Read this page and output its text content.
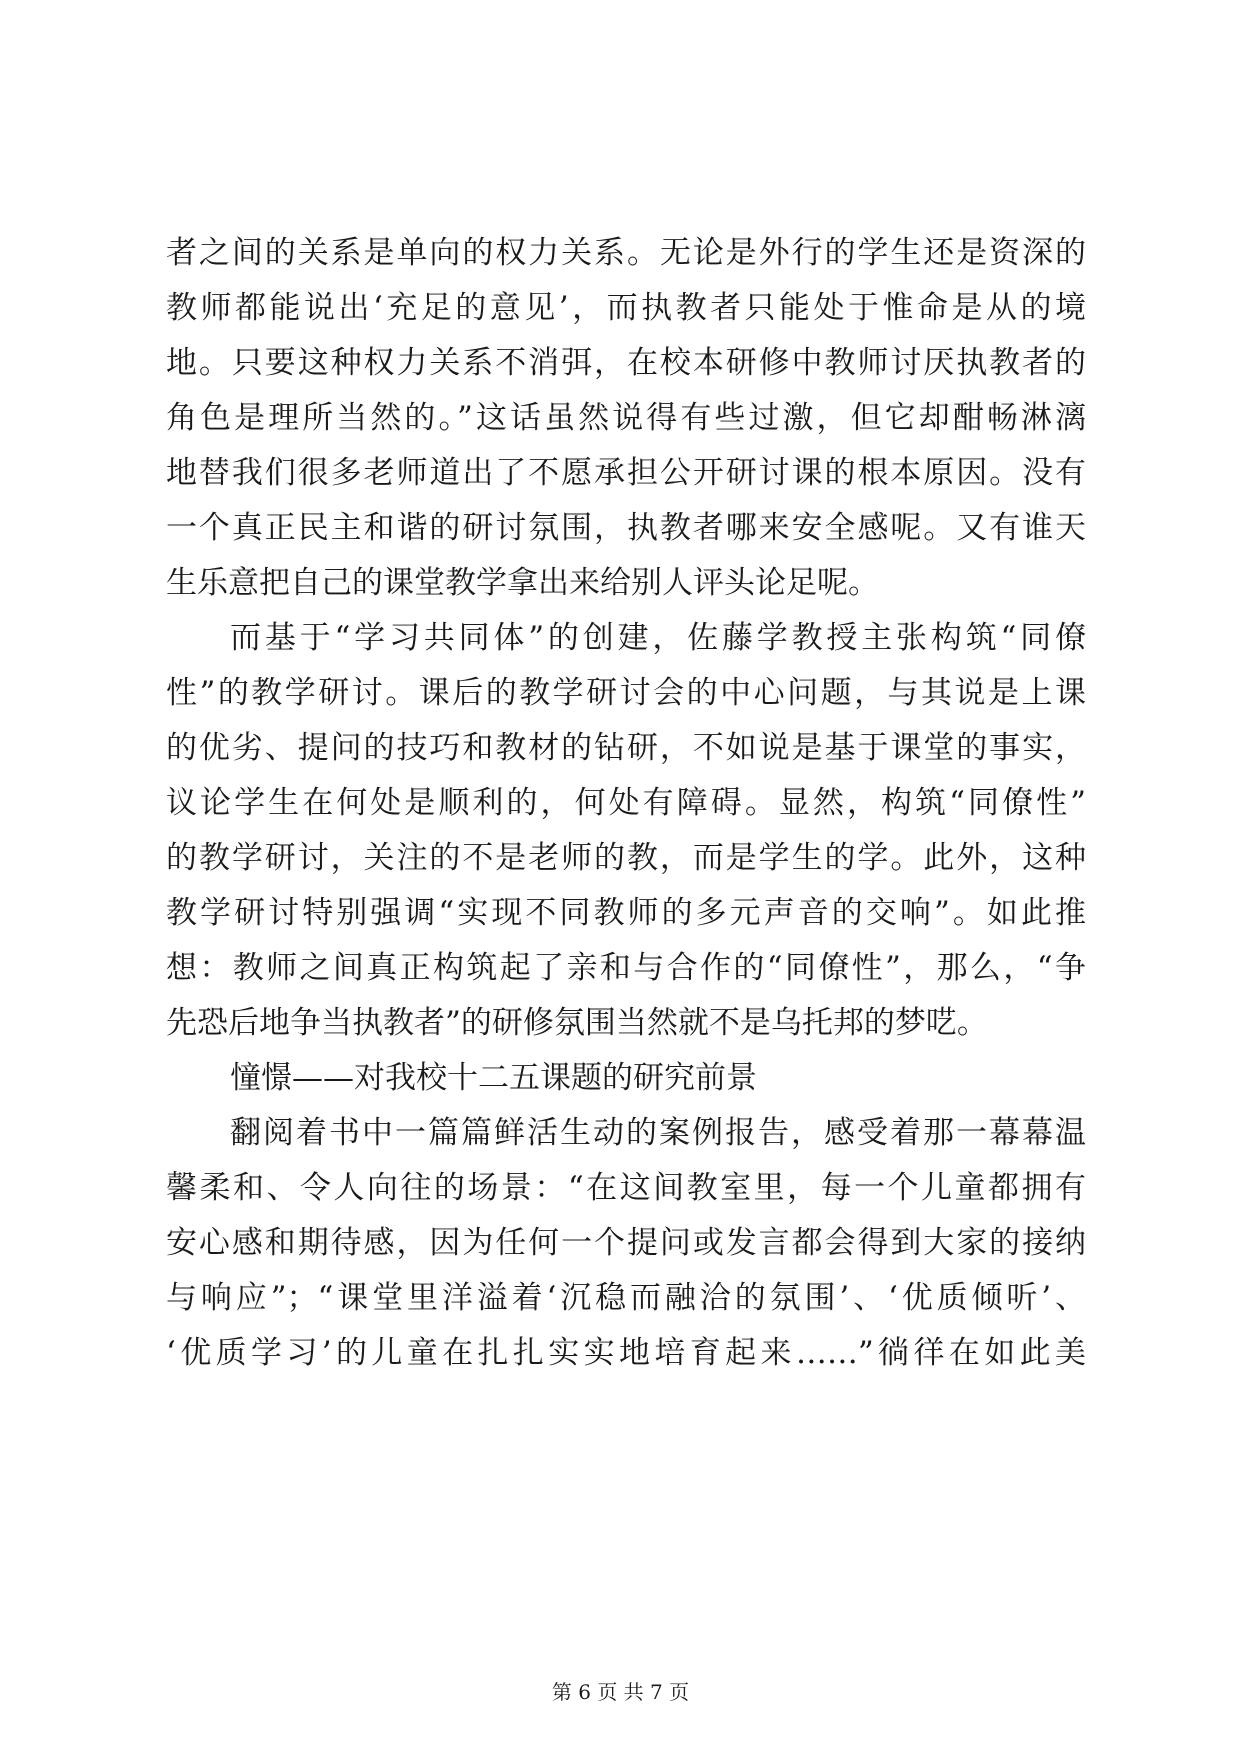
者之间的关系是单向的权力关系。无论是外行的学生还是资深的
教师都能说出‘充足的意见’，而执教者只能处于惟命是从的境
地。只要这种权力关系不消弭，在校本研修中教师讨厌执教者的
角色是理所当然的。”这话虽然说得有些过激，但它却酣畅淋漓
地替我们很多老师道出了不愿承担公开研讨课的根本原因。没有
一个真正民主和谐的研讨氛围，执教者哪来安全感呢。又有谁天
生乐意把自己的课堂教学拿出来给别人评头论足呢。
而基于“学习共同体”的创建，佐藤学教授主张构筑“同僚
性”的教学研讨。课后的教学研讨会的中心问题，与其说是上课
的优劣、提问的技巧和教材的钻研，不如说是基于课堂的事实，
议论学生在何处是顺利的，何处有障碍。显然，构筑“同僚性”
的教学研讨，关注的不是老师的教，而是学生的学。此外，这种
教学研讨特别强调“实现不同教师的多元声音的交响”。如此推
想：教师之间真正构筑起了亲和与合作的“同僚性”，那么，“争
先恐后地争当执教者”的研修氛围当然就不是乌托邦的梦呓。
憧憬——对我校十二五课题的研究前景
翻阅着书中一篇篇鲜活生动的案例报告，感受着那一幕幕温
馨柔和、令人向往的场景：“在这间教室里，每一个儿童都拥有
安心感和期待感，因为任何一个提问或发言都会得到大家的接纳
与响应”；“课堂里洋溢着‘沉稳而融洽的氛围’、‘优质倾听’、
‘优质学习’的儿童在扎扎实实地培育起来……”徜徉在如此美
第 6 页 共 7 页
